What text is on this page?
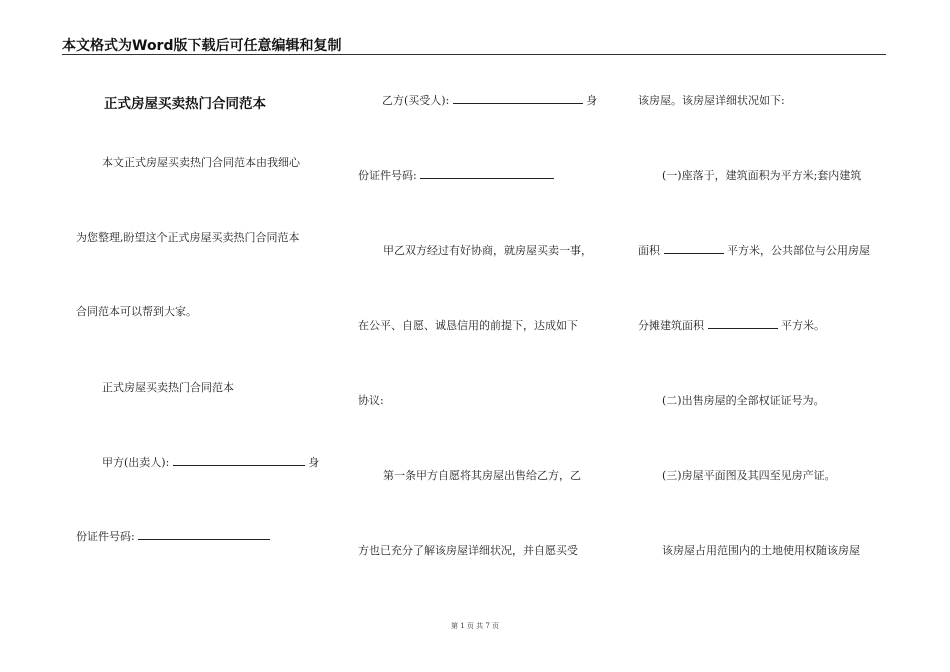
本文格式为Word版下载后可任意编辑和复制
正式房屋买卖热门合同范本
本文正式房屋买卖热门合同范本由我细心
为您整理,盼望这个正式房屋买卖热门合同范本
合同范本可以帮到大家。
正式房屋买卖热门合同范本
甲方(出卖人):	身
份证件号码:
乙方(买受人):	身
份证件号码:
甲乙双方经过有好协商，就房屋买卖一事，
在公平、自愿、诚恳信用的前提下，达成如下
协议:
第一条甲方自愿将其房屋出售给乙方，乙
方也已充分了解该房屋详细状况，并自愿买受
该房屋。该房屋详细状况如下:
(一)座落于，建筑面积为平方米;套内建筑
面积	平方米，公共部位与公用房屋
分摊建筑面积	平方米。
(二)出售房屋的全部权证证号为。
(三)房屋平面图及其四至见房产证。
该房屋占用范围内的土地使用权随该房屋
第 1 页 共 7 页
